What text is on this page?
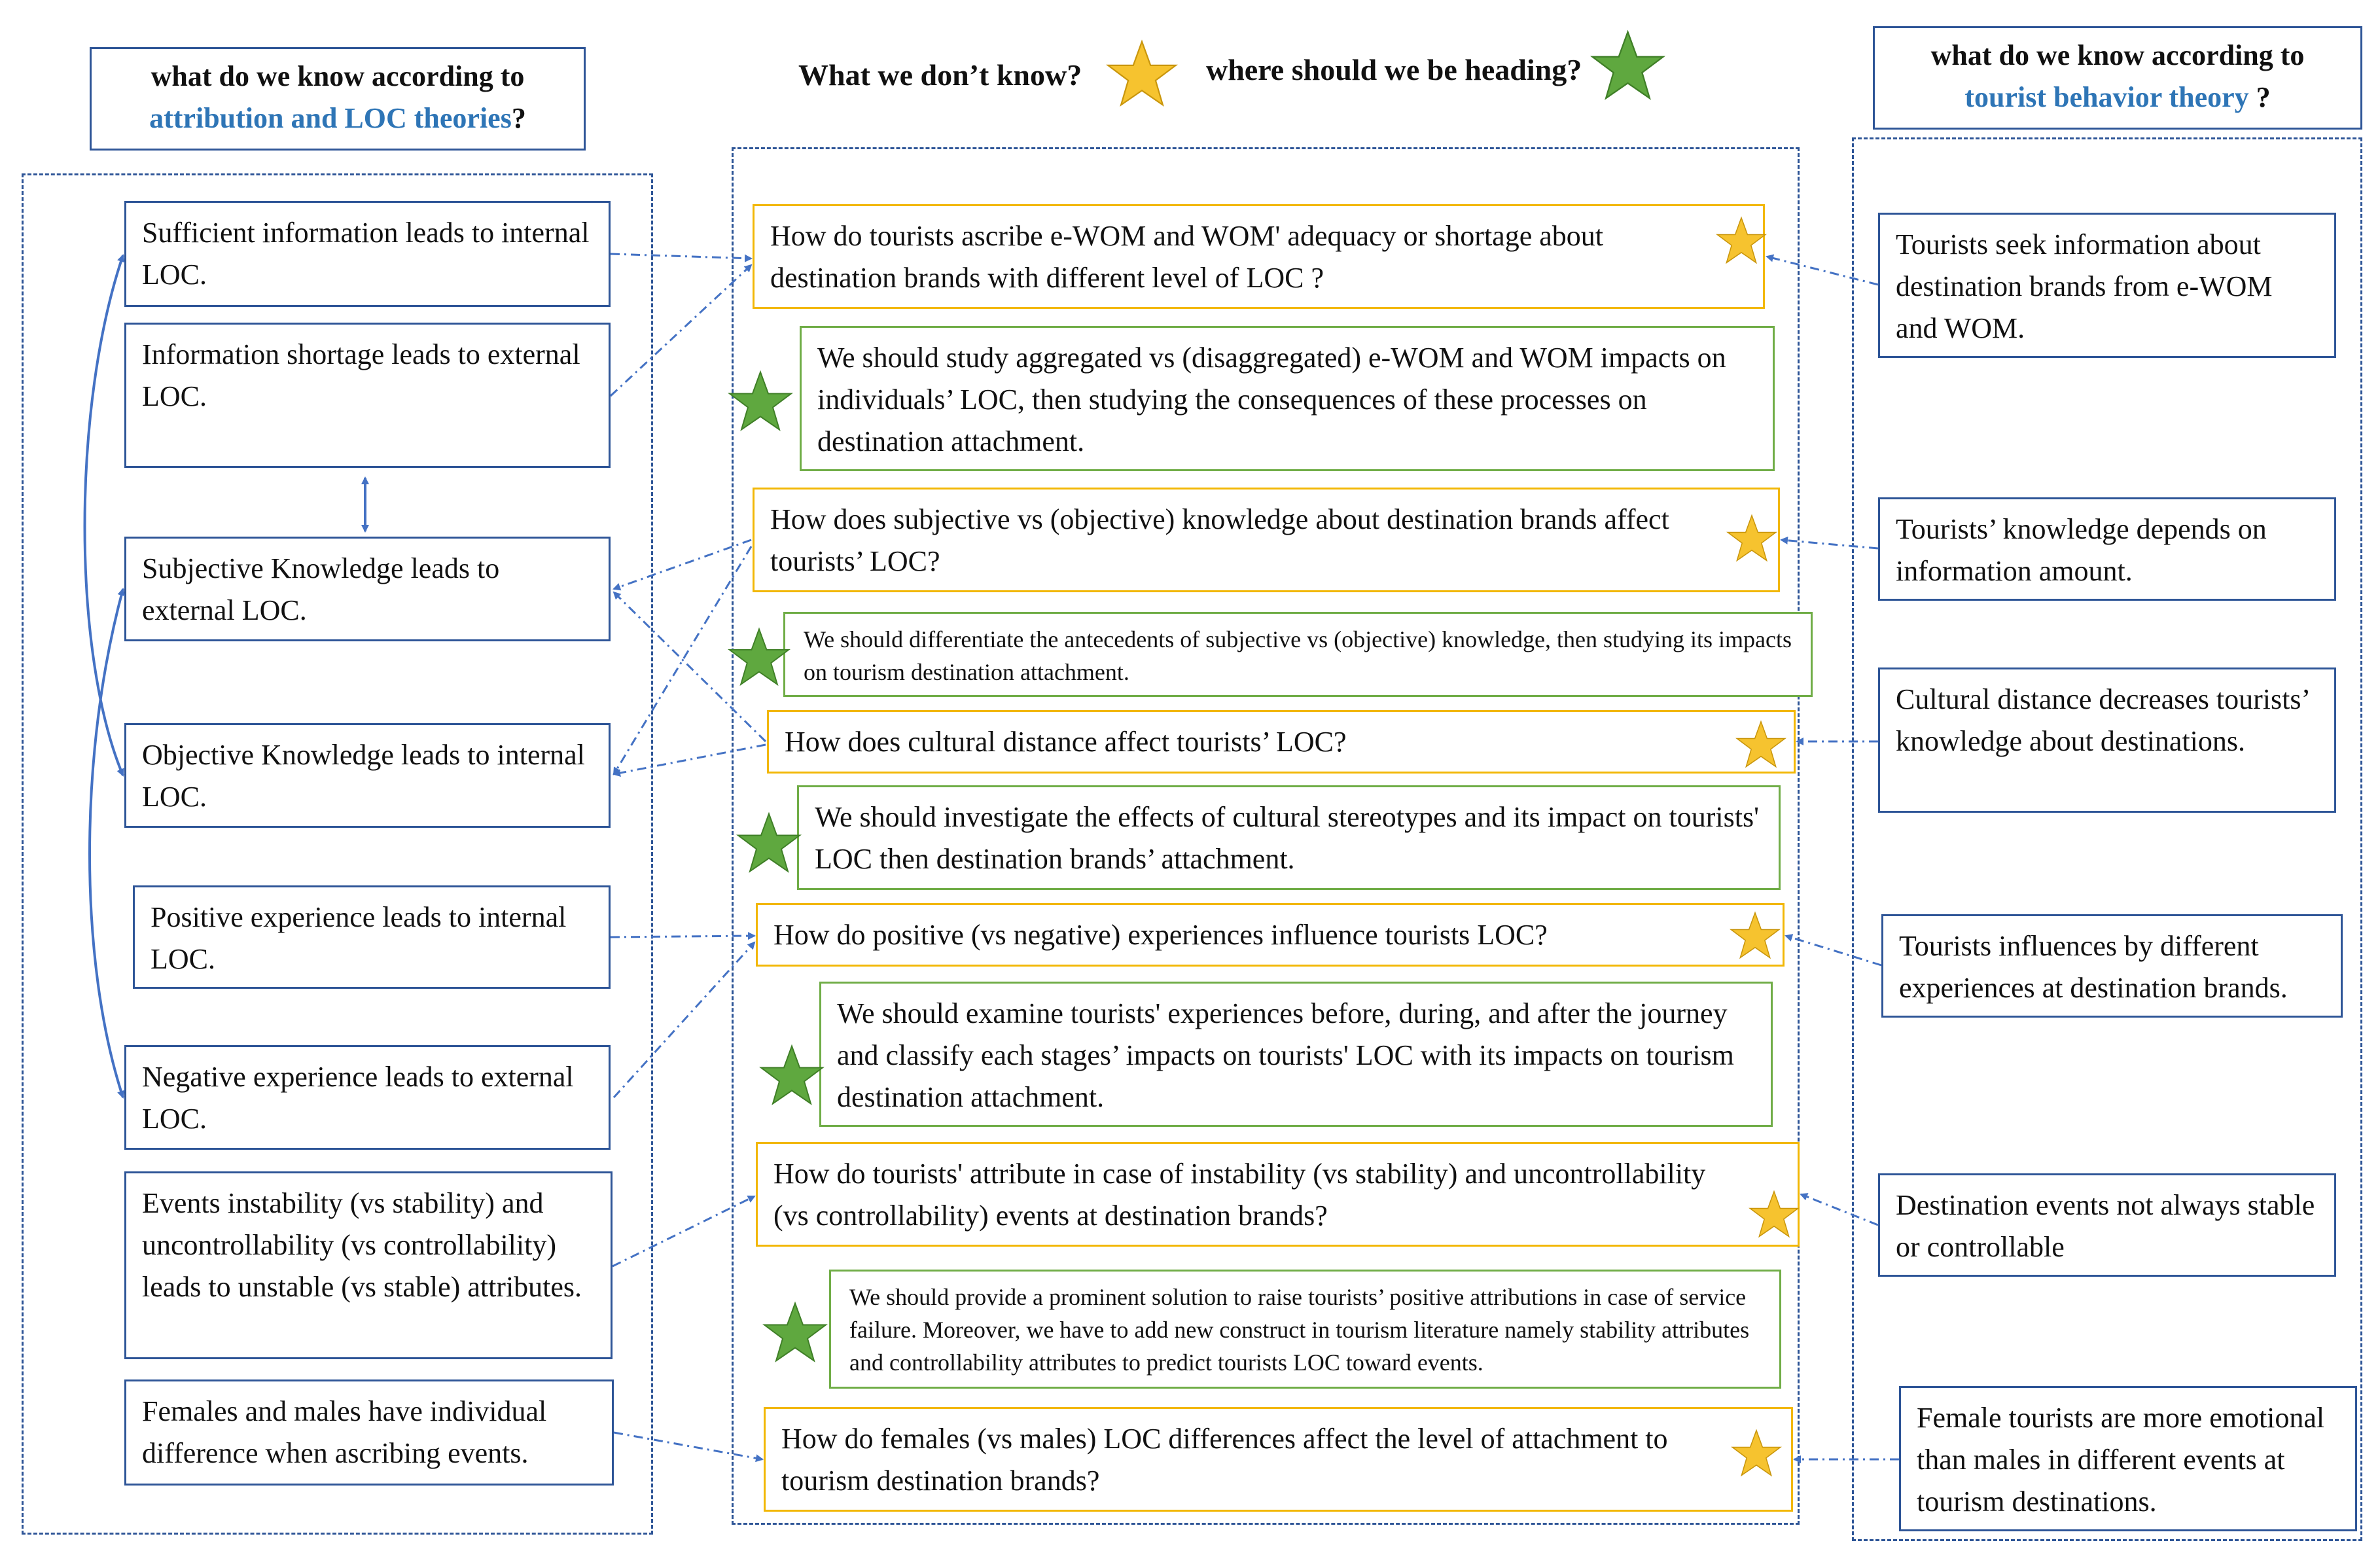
what do we know according to
attribution and LOC theories?
What we don’t know?	where should we be heading?	what do we know according to
tourist behavior theory ?
Sufficient information leads to internal LOC.
Information shortage leads to external LOC.
Subjective Knowledge leads to external LOC.
Objective Knowledge leads to internal LOC.
Positive experience leads to internal LOC.
Negative experience leads to external LOC.
Events instability (vs stability) and uncontrollability (vs controllability) leads to unstable (vs stable) attributes.
Females and males have individual difference when ascribing events.
How do tourists ascribe e-WOM and WOM' adequacy or shortage about destination brands with different level of LOC ?
How does subjective vs (objective) knowledge about destination brands affect tourists’ LOC?
How does cultural distance affect tourists’ LOC?
How do positive (vs negative) experiences influence tourists LOC?
How do tourists' attribute in case of instability (vs stability) and uncontrollability (vs controllability) events at destination brands?
How do females (vs males) LOC differences affect the level of attachment to tourism destination brands?
We should study aggregated vs (disaggregated) e-WOM and WOM impacts on individuals’ LOC, then studying the consequences of these processes on destination attachment.
We should differentiate the antecedents of subjective vs (objective) knowledge, then studying its impacts on tourism destination attachment.
We should investigate the effects of cultural stereotypes and its impact on tourists' LOC then destination brands’ attachment.
We should examine tourists' experiences before, during, and after the journey and classify each stages’ impacts on tourists' LOC with its impacts on tourism destination attachment.
We should provide a prominent solution to raise tourists’ positive attributions in case of service failure. Moreover, we have to add new construct in tourism literature namely stability attributes and controllability attributes to predict tourists LOC toward events.
Tourists seek information about destination brands from e-WOM and WOM.
Tourists’ knowledge depends on information amount.
Cultural distance decreases tourists’ knowledge about destinations.
Tourists influences by different experiences at destination brands.
Destination events not always stable or controllable
Female tourists are more emotional than males in different events at tourism destinations.
